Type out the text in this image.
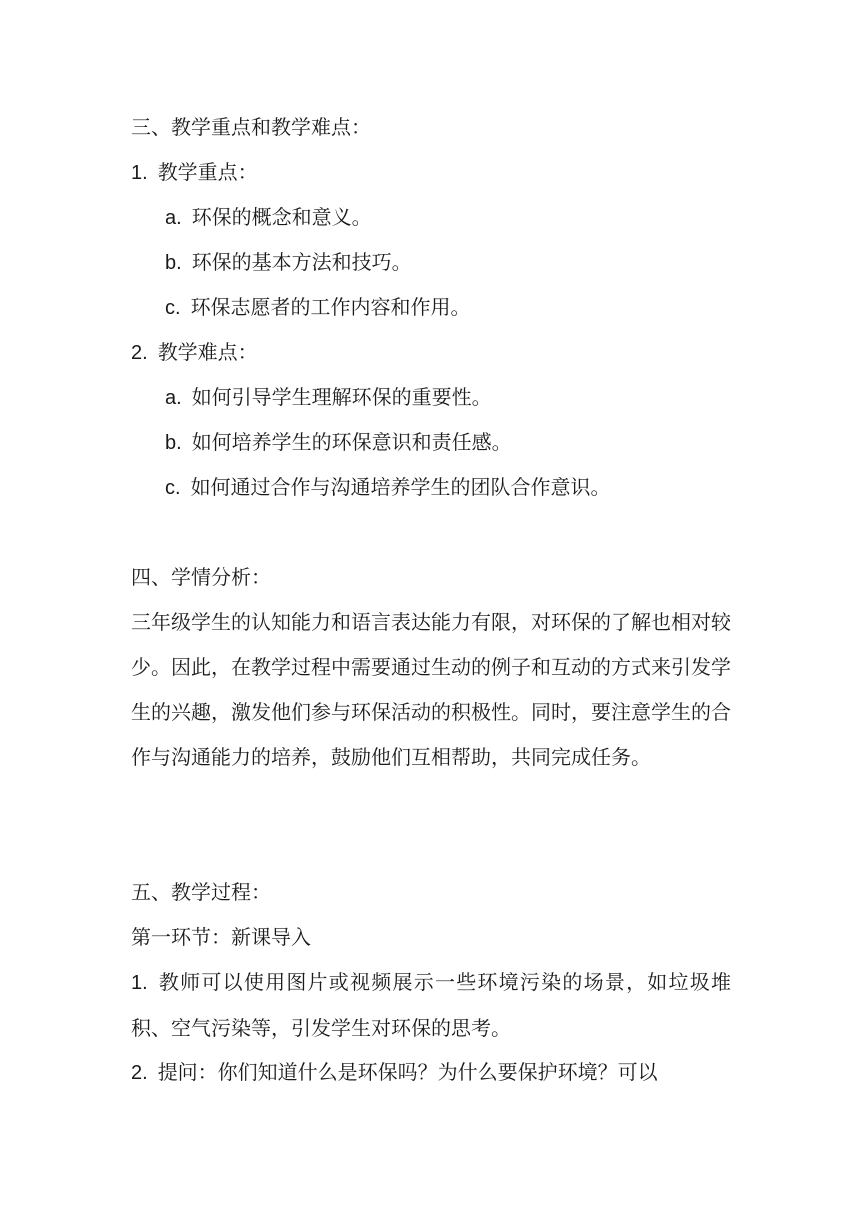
三、教学重点和教学难点：
1. 教学重点：
a. 环保的概念和意义。
b. 环保的基本方法和技巧。
c. 环保志愿者的工作内容和作用。
2. 教学难点：
a. 如何引导学生理解环保的重要性。
b. 如何培养学生的环保意识和责任感。
c. 如何通过合作与沟通培养学生的团队合作意识。
四、学情分析：
三年级学生的认知能力和语言表达能力有限，对环保的了解也相对较少。因此，在教学过程中需要通过生动的例子和互动的方式来引发学生的兴趣，激发他们参与环保活动的积极性。同时，要注意学生的合作与沟通能力的培养，鼓励他们互相帮助，共同完成任务。
五、教学过程：
第一环节：新课导入
1. 教师可以使用图片或视频展示一些环境污染的场景，如垃圾堆积、空气污染等，引发学生对环保的思考。
2. 提问：你们知道什么是环保吗？为什么要保护环境？可以
